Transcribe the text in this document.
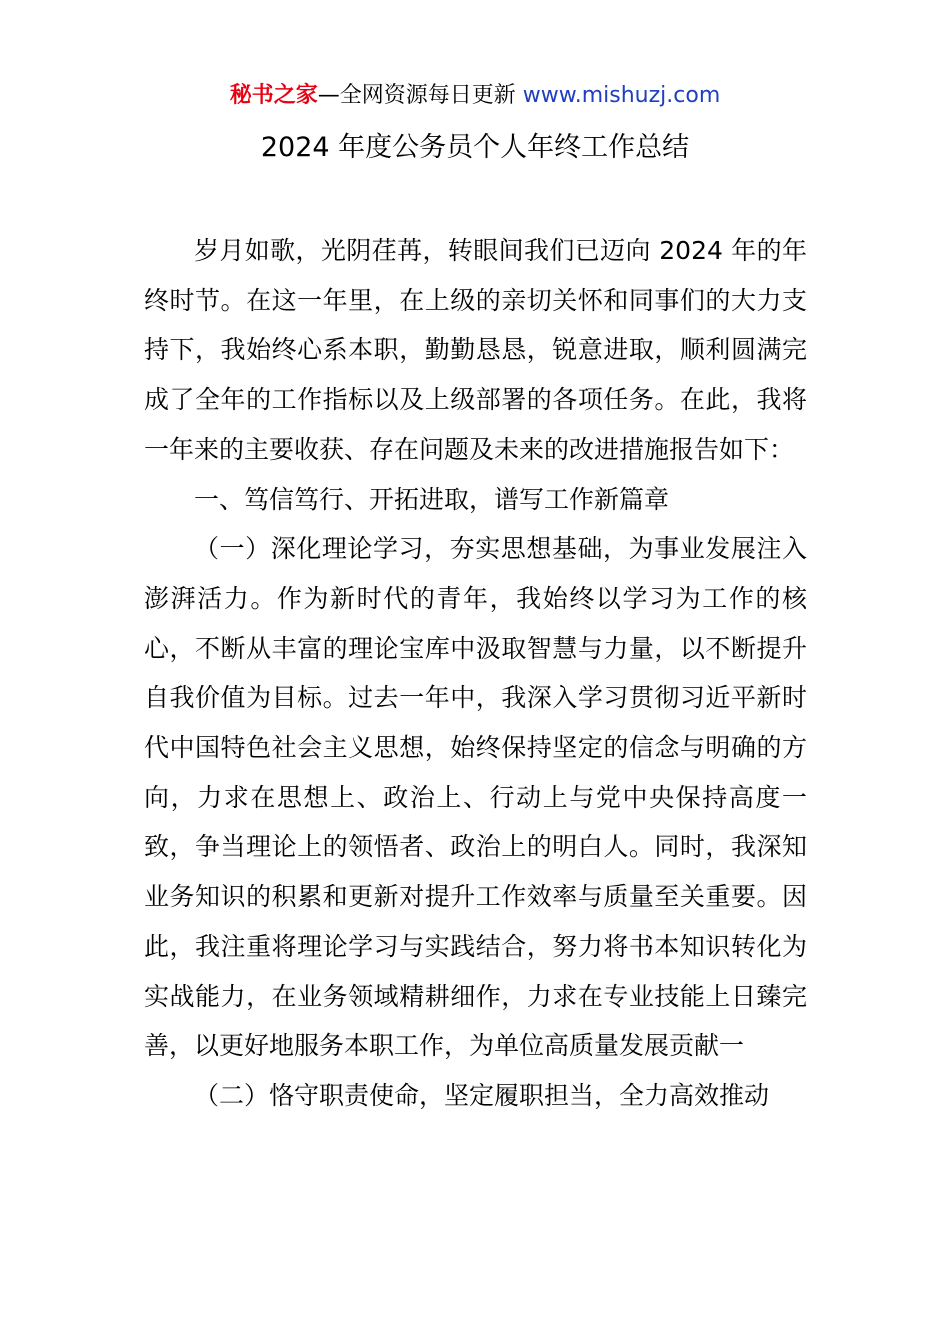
秘书之家—全网资源每日更新 www.mishuzj.com
2024 年度公务员个人年终工作总结

岁月如歌，光阴荏苒，转眼间我们已迈向 2024 年的年终时节。在这一年里，在上级的亲切关怀和同事们的大力支持下，我始终心系本职，勤勤恳恳，锐意进取，顺利圆满完成了全年的工作指标以及上级部署的各项任务。在此，我将一年来的主要收获、存在问题及未来的改进措施报告如下：

一、笃信笃行、开拓进取，谱写工作新篇章

（一）深化理论学习，夯实思想基础，为事业发展注入澎湃活力。作为新时代的青年，我始终以学习为工作的核心，不断从丰富的理论宝库中汲取智慧与力量，以不断提升自我价值为目标。过去一年中，我深入学习贯彻习近平新时代中国特色社会主义思想，始终保持坚定的信念与明确的方向，力求在思想上、政治上、行动上与党中央保持高度一致，争当理论上的领悟者、政治上的明白人。同时，我深知业务知识的积累和更新对提升工作效率与质量至关重要。因此，我注重将理论学习与实践结合，努力将书本知识转化为实战能力，在业务领域精耕细作，力求在专业技能上日臻完善，以更好地服务本职工作，为单位高质量发展贡献一

（二）恪守职责使命，坚定履职担当，全力高效推动
